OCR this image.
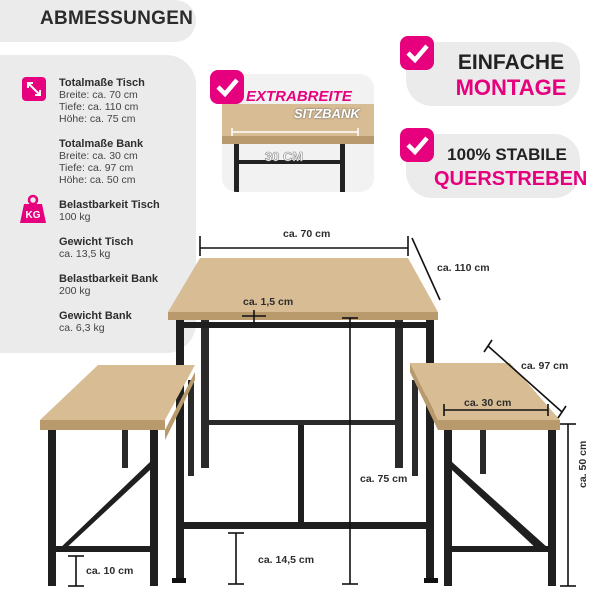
ABMESSUNGEN
KG
Totalmaße Tisch
Breite: ca. 70 cm
Tiefe: ca. 110 cm
Höhe: ca. 75 cm
Totalmaße Bank
Breite: ca. 30 cm
Tiefe: ca. 97 cm
Höhe: ca. 50 cm
Belastbarkeit Tisch
100 kg
Gewicht Tisch
ca. 13,5 kg
Belastbarkeit Bank
200 kg
Gewicht Bank
ca. 6,3 kg
30 CM
EXTRABREITE
SITZBANK
EINFACHE
MONTAGE
100% STABILE
QUERSTREBEN
ca. 70 cm
ca. 110 cm
ca. 1,5 cm
ca. 75 cm
ca. 14,5 cm
ca. 97 cm
ca. 30 cm
ca. 50 cm
ca. 10 cm
